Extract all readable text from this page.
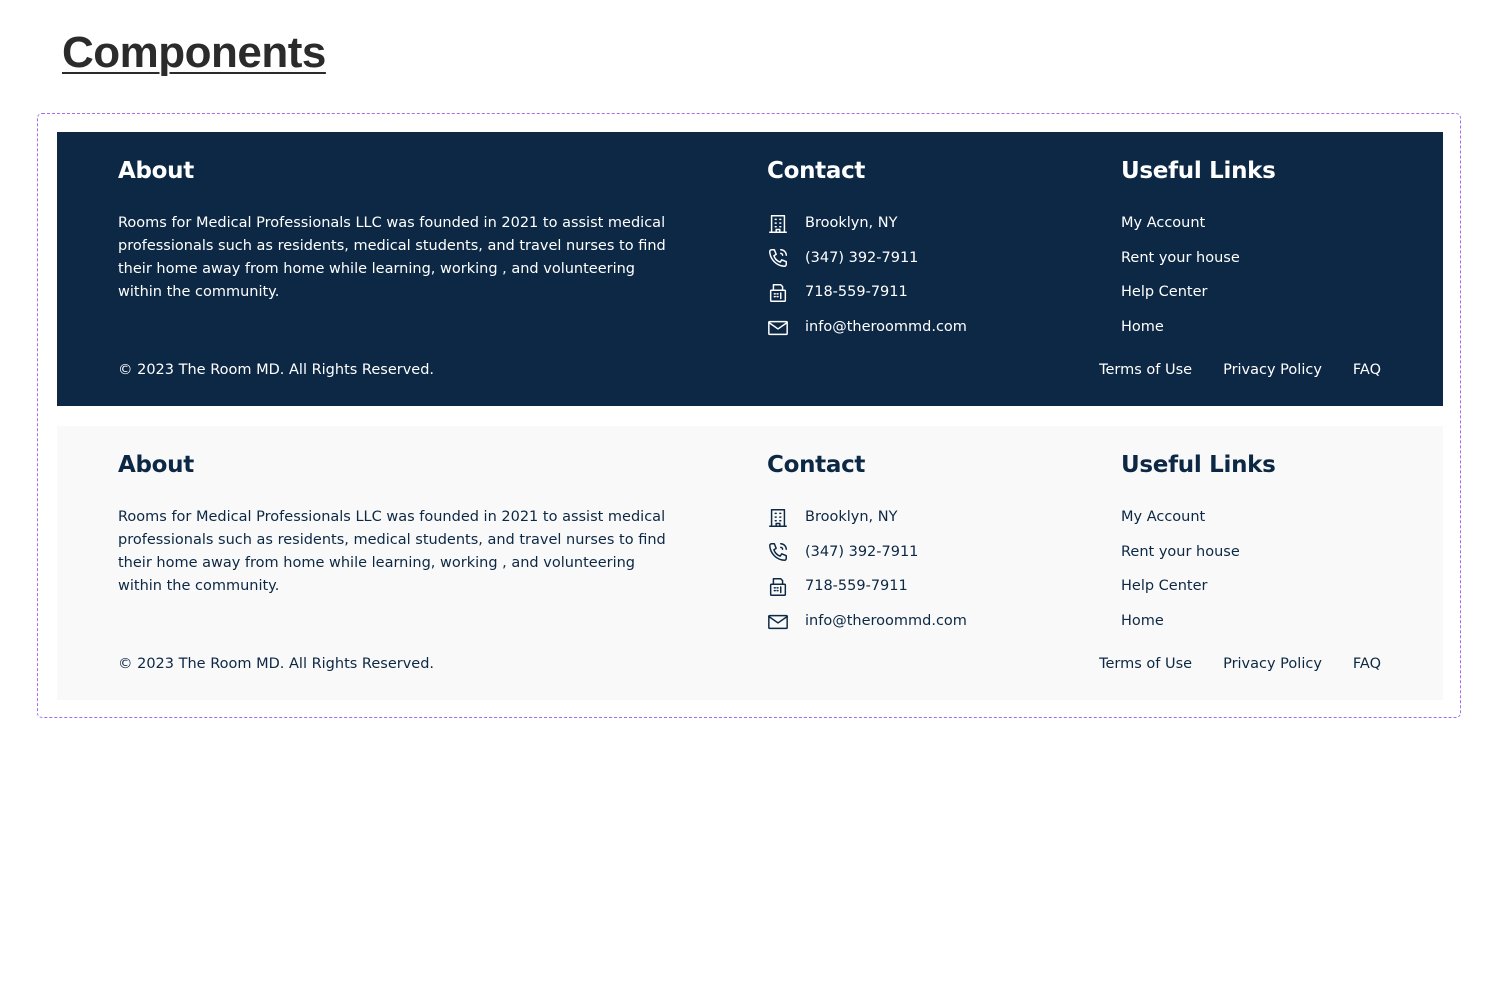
Components
About

Rooms for Medical Professionals LLC was founded in 2021 to assist medical professionals such as residents, medical students, and travel nurses to find their home away from home while learning, working , and volunteering within the community.

Contact
Brooklyn, NY
(347) 392-7911
718-559-7911
info@theroommd.com
Useful Links
My Account
Rent your house
Help Center
Home

© 2023 The Room MD. All Rights Reserved.	Terms of Use Privacy Policy FAQ
About

Rooms for Medical Professionals LLC was founded in 2021 to assist medical professionals such as residents, medical students, and travel nurses to find their home away from home while learning, working , and volunteering within the community.

Contact
Brooklyn, NY
(347) 392-7911
718-559-7911
info@theroommd.com
Useful Links
My Account
Rent your house
Help Center
Home

© 2023 The Room MD. All Rights Reserved.	Terms of Use Privacy Policy FAQ
